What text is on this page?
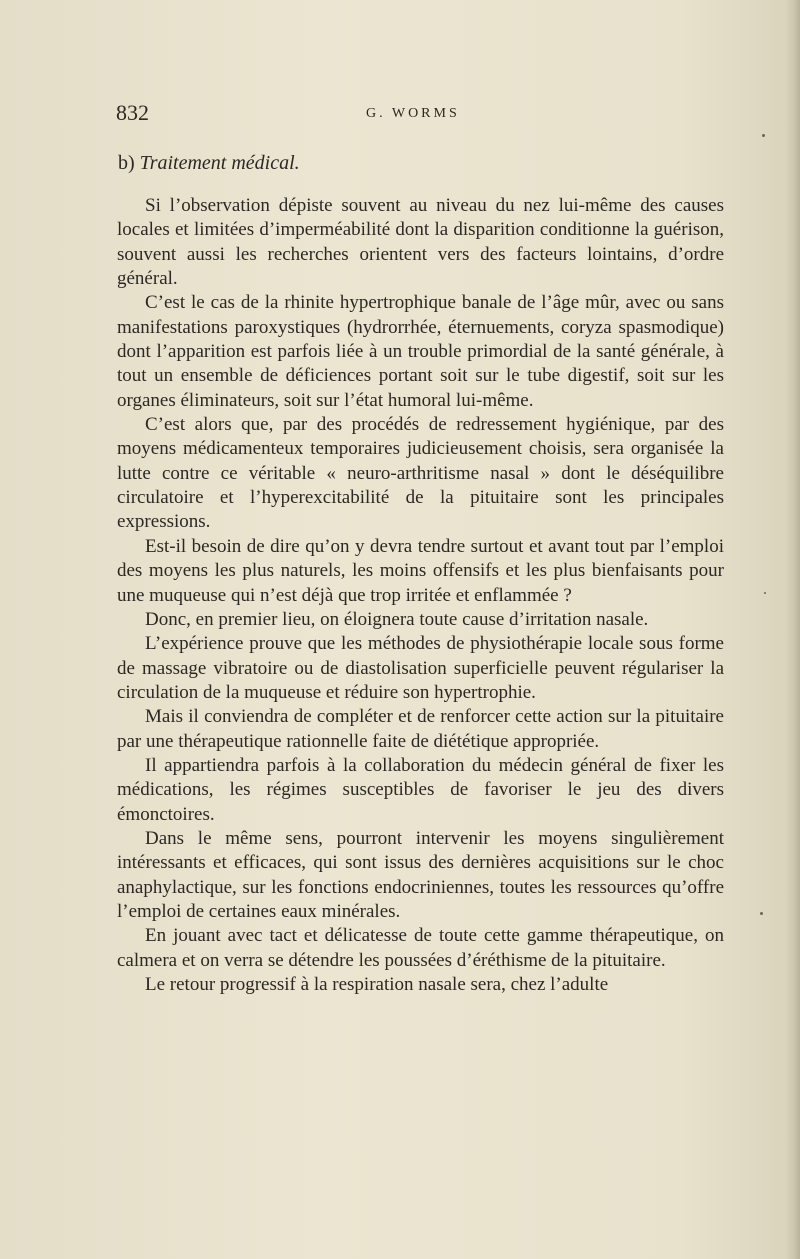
832	G. WORMS
b) Traitement médical.

Si l’observation dépiste souvent au niveau du nez lui-même des causes locales et limitées d’imperméabilité dont la disparition conditionne la guérison, souvent aussi les recherches orientent vers des facteurs lointains, d’ordre général.

C’est le cas de la rhinite hypertrophique banale de l’âge mûr, avec ou sans manifestations paroxystiques (hydrorrhée, éternuements, coryza spasmodique) dont l’apparition est parfois liée à un trouble primordial de la santé générale, à tout un ensemble de déficiences portant soit sur le tube digestif, soit sur les organes éliminateurs, soit sur l’état humoral lui-même.

C’est alors que, par des procédés de redressement hygiénique, par des moyens médicamenteux temporaires judicieusement choisis, sera organisée la lutte contre ce véritable « neuro-arthritisme nasal » dont le déséquilibre circulatoire et l’hyperexcitabilité de la pituitaire sont les principales expressions.

Est-il besoin de dire qu’on y devra tendre surtout et avant tout par l’emploi des moyens les plus naturels, les moins offensifs et les plus bienfaisants pour une muqueuse qui n’est déjà que trop irritée et enflammée ?

Donc, en premier lieu, on éloignera toute cause d’irritation nasale.

L’expérience prouve que les méthodes de physiothérapie locale sous forme de massage vibratoire ou de diastolisation superficielle peuvent régulariser la circulation de la muqueuse et réduire son hypertrophie.

Mais il conviendra de compléter et de renforcer cette action sur la pituitaire par une thérapeutique rationnelle faite de diététique appropriée.

Il appartiendra parfois à la collaboration du médecin général de fixer les médications, les régimes susceptibles de favoriser le jeu des divers émonctoires.

Dans le même sens, pourront intervenir les moyens singulièrement intéressants et efficaces, qui sont issus des dernières acquisitions sur le choc anaphylactique, sur les fonctions endocriniennes, toutes les ressources qu’offre l’emploi de certaines eaux minérales.

En jouant avec tact et délicatesse de toute cette gamme thérapeutique, on calmera et on verra se détendre les poussées d’éréthisme de la pituitaire.

Le retour progressif à la respiration nasale sera, chez l’adulte
